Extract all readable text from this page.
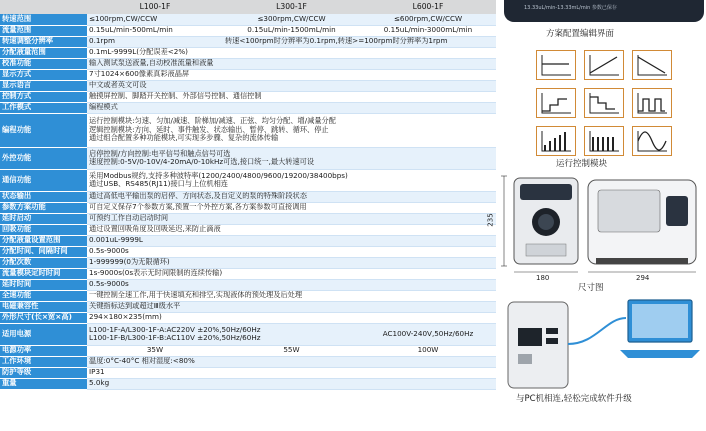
	L100-1F	L300-1F	L600-1F
转速范围	≤100rpm,CW/CCW	≤300rpm,CW/CCW	≤600rpm,CW/CCW
流量范围	0.15uL/min-500mL/min	0.15uL/min-1500mL/min	0.15uL/min-3000mL/min
转速调整分辨率	0.1rpm	转速<100rpm时分辨率为0.1rpm,转速>=100rpm时分辨率为1rpm	
分配液量范围	0.1mL-9999L(分配误差<2%)		
校准功能	输入测试泵送液量,自动校准流量和液量		
显示方式	7寸1024×600像素真彩液晶屏		
显示语言	中文或者英文可设		
控制方式	触摸屏控制、脚踏开关控制、外部信号控制、通信控制		
工作模式	编程模式		
编程功能	运行控制模块:匀速、匀加/减速、阶梯加/减速、正弦、均匀分配、增/减量分配
逻辑控制模块:方向、延时、事件触发、状态输出、暂停、跳转、循环、停止
通过组合配置多种功能模块,可实现多步骤、复杂的流体传输		

外控功能	启停控制/方向控制:电平信号和触点信号可选
速度控制:0-5V/0-10V/4-20mA/0-10kHz可选,接口统一,最大转速可设		

通信功能	采用Modbus规约,支持多种波特率(1200/2400/4800/9600/19200/38400bps)
通过USB、RS485(RJ11)接口与上位机相连		

状态输出	通过高低电平输出泵的启停、方向状态,及自定义的泵的特殊阶段状态		
参数方案功能	可自定义保存7个参数方案,预置一个外控方案,各方案参数可直接调用		
延时启动	可预约工作自动启动时间		
回吸功能	通过设置回吸角度及回吸延迟,来防止滴液		
分配液量设置范围	0.001uL-9999L		
分配时间、间隔时间	0.5s-9000s		
分配次数	1-999999(0为无限循环)		
流量模块定时时间	1s-9000s(0s表示无时间限制的连续传输)		
延时时间	0.5s-9000s		
全速功能	一键控制全速工作,用于快速填充和排空,实现液体的预处理及后处理		
电磁兼容性	关键指标达到或超过Ⅲ级水平		
外形尺寸(长×宽×高)	294×180×235(mm)		
适用电源	L100-1F-A/L300-1F-A:AC220V ±20%,50Hz/60Hz
L100-1F-B/L300-1F-B:AC110V ±20%,50Hz/60Hz		AC100V-240V,50Hz/60Hz
电源功率	35W	55W	100W
工作环境	温度:0°C-40°C 相对湿度:<80%		
防护等级	IP31		
重量	5.0kg		
13.33uL/min-13.33mL/min 参数已保存
方案配置编辑界面
运行控制模块
235
180	294
尺寸图
与PC机相连,轻松完成软件升级
